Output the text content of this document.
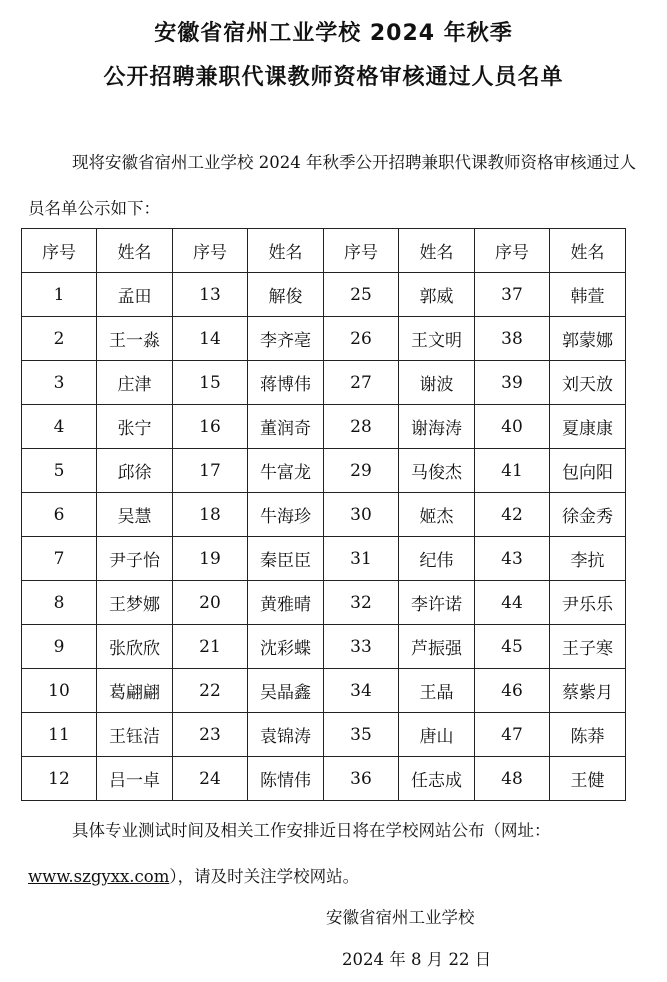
安徽省宿州工业学校 2024 年秋季
公开招聘兼职代课教师资格审核通过人员名单
现将安徽省宿州工业学校 2024 年秋季公开招聘兼职代课教师资格审核通过人员名单公示如下：
序号	姓名	序号	姓名	序号	姓名	序号	姓名
1	孟田	13	解俊	25	郭威	37	韩萱
2	王一淼	14	李齐亳	26	王文明	38	郭蒙娜
3	庄津	15	蒋博伟	27	谢波	39	刘天放
4	张宁	16	董润奇	28	谢海涛	40	夏康康
5	邱徐	17	牛富龙	29	马俊杰	41	包向阳
6	吴慧	18	牛海珍	30	姬杰	42	徐金秀
7	尹子怡	19	秦臣臣	31	纪伟	43	李抗
8	王梦娜	20	黄雅晴	32	李许诺	44	尹乐乐
9	张欣欣	21	沈彩蝶	33	芦振强	45	王子寒
10	葛翩翩	22	吴晶鑫	34	王晶	46	蔡紫月
11	王钰洁	23	袁锦涛	35	唐山	47	陈莽
12	吕一卓	24	陈情伟	36	任志成	48	王健
具体专业测试时间及相关工作安排近日将在学校网站公布（网址：www.szgyxx.com），请及时关注学校网站。
安徽省宿州工业学校
2024 年 8 月 22 日
